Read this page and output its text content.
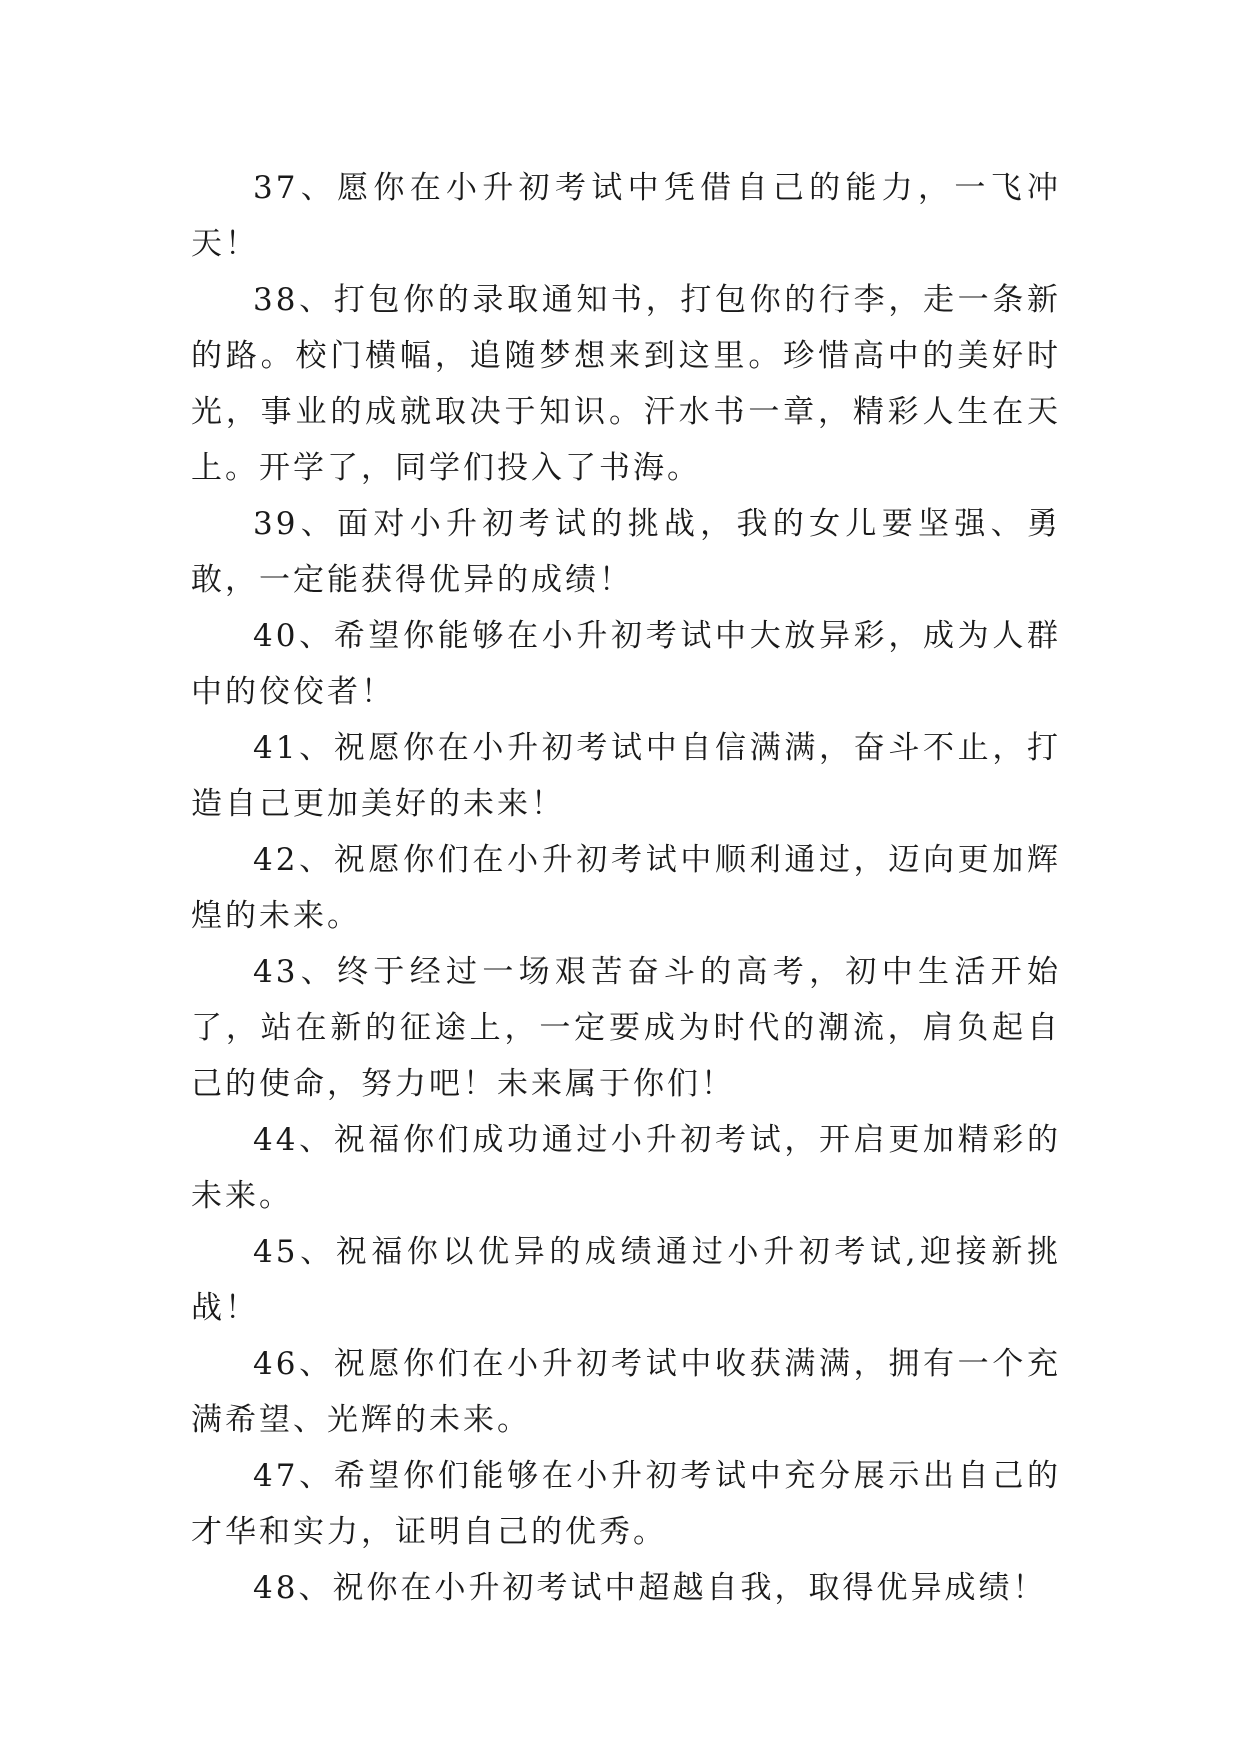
37、愿你在小升初考试中凭借自己的能力，一飞冲天！

38、打包你的录取通知书，打包你的行李，走一条新的路。校门横幅，追随梦想来到这里。珍惜高中的美好时光，事业的成就取决于知识。汗水书一章，精彩人生在天上。开学了，同学们投入了书海。

39、面对小升初考试的挑战，我的女儿要坚强、勇敢，一定能获得优异的成绩！

40、希望你能够在小升初考试中大放异彩，成为人群中的佼佼者！

41、祝愿你在小升初考试中自信满满，奋斗不止，打造自己更加美好的未来！

42、祝愿你们在小升初考试中顺利通过，迈向更加辉煌的未来。

43、终于经过一场艰苦奋斗的高考，初中生活开始了，站在新的征途上，一定要成为时代的潮流，肩负起自己的使命，努力吧！未来属于你们！

44、祝福你们成功通过小升初考试，开启更加精彩的未来。

45、祝福你以优异的成绩通过小升初考试,迎接新挑战！

46、祝愿你们在小升初考试中收获满满，拥有一个充满希望、光辉的未来。

47、希望你们能够在小升初考试中充分展示出自己的才华和实力，证明自己的优秀。

48、祝你在小升初考试中超越自我，取得优异成绩！
